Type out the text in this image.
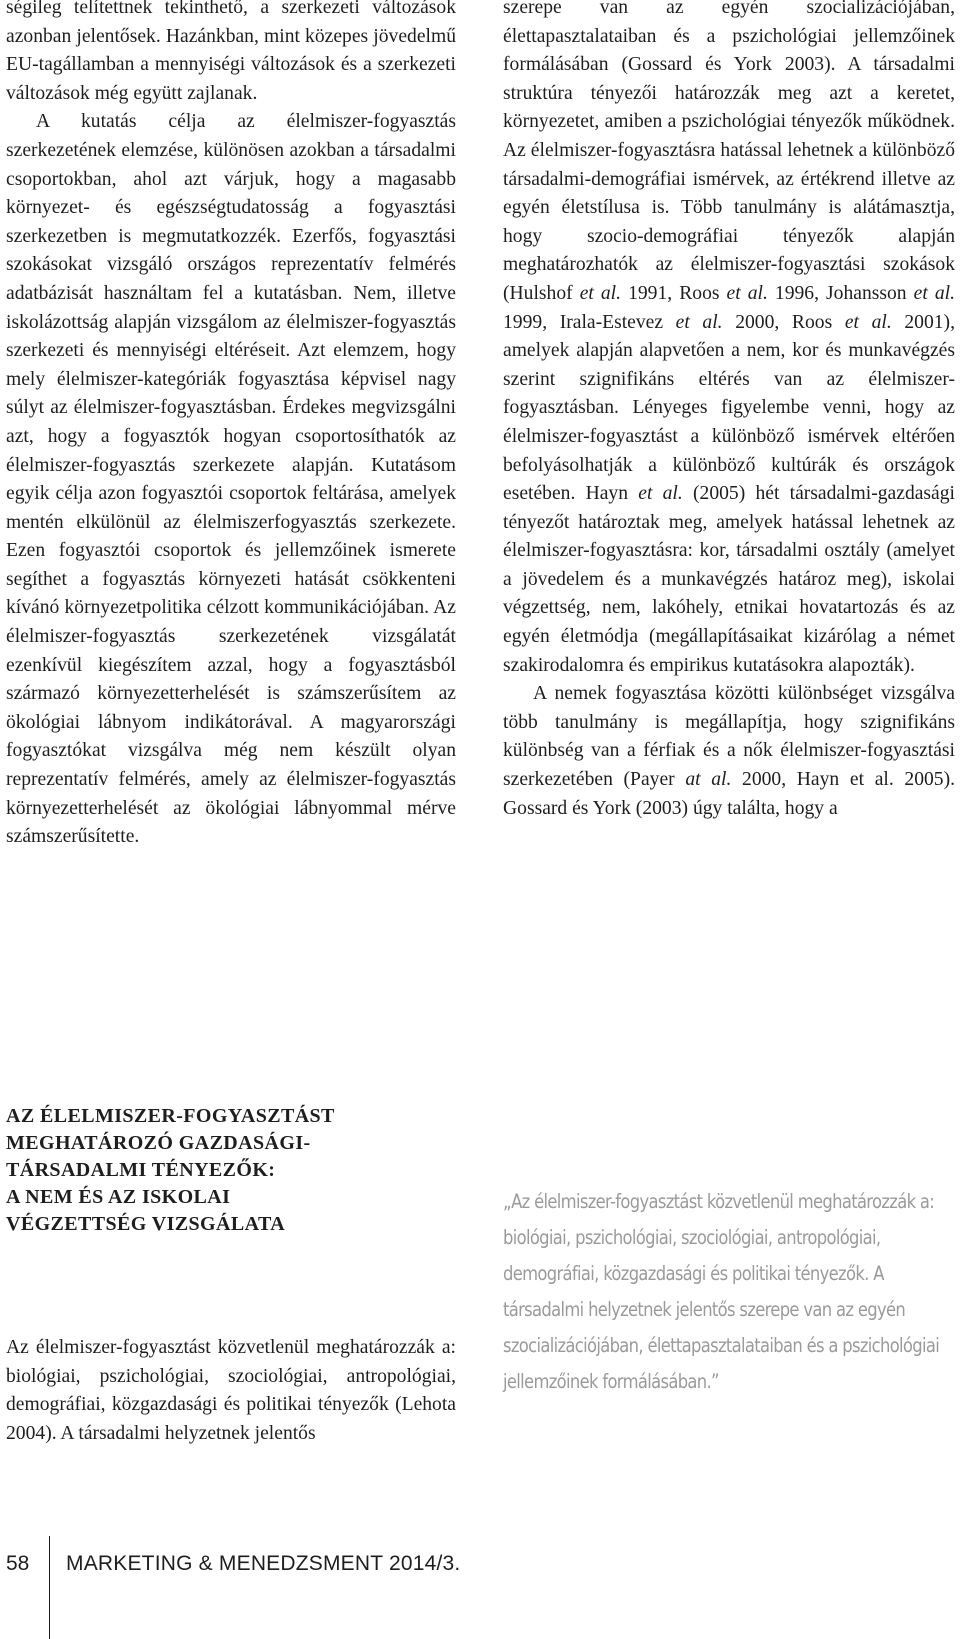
ségileg telítettnek tekinthető, a szerkezeti változások azonban jelentősek. Hazánkban, mint közepes jövedelmű EU-tagállamban a mennyiségi változások és a szerkezeti változások még együtt zajlanak.

A kutatás célja az élelmiszer-fogyasztás szerkezetének elemzése, különösen azokban a társadalmi csoportokban, ahol azt várjuk, hogy a magasabb környezet- és egészségtudatosság a fogyasztási szerkezetben is megmutatkozzék. Ezerfős, fogyasztási szokásokat vizsgáló országos reprezentatív felmérés adatbázisát használtam fel a kutatásban. Nem, illetve iskolázottság alapján vizsgálom az élelmiszer-fogyasztás szerkezeti és mennyiségi eltéréseit. Azt elemzem, hogy mely élelmiszer-kategóriák fogyasztása képvisel nagy súlyt az élelmiszer-fogyasztásban. Érdekes megvizsgálni azt, hogy a fogyasztók hogyan csoportosíthatók az élelmiszer-fogyasztás szerkezete alapján. Kutatásom egyik célja azon fogyasztói csoportok feltárása, amelyek mentén elkülönül az élelmiszerfogyasztás szerkezete. Ezen fogyasztói csoportok és jellemzőinek ismerete segíthet a fogyasztás környezeti hatását csökkenteni kívánó környezetpolitika célzott kommunikációjában. Az élelmiszer-fogyasztás szerkezetének vizsgálatát ezenkívül kiegészítem azzal, hogy a fogyasztásból származó környezetterhelését is számszerűsítem az ökológiai lábnyom indikátorával. A magyarországi fogyasztókat vizsgálva még nem készült olyan reprezentatív felmérés, amely az élelmiszer-fogyasztás környezetterhelését az ökológiai lábnyommal mérve számszerűsítette.

AZ ÉLELMISZER-FOGYASZTÁST
MEGHATÁROZÓ GAZDASÁGI-
TÁRSADALMI TÉNYEZŐK:
A NEM ÉS AZ ISKOLAI
VÉGZETTSÉG VIZSGÁLATA

Az élelmiszer-fogyasztást közvetlenül meghatározzák a: biológiai, pszichológiai, szociológiai, antropológiai, demográfiai, közgazdasági és politikai tényezők (Lehota 2004). A társadalmi helyzetnek jelentős

szerepe van az egyén szocializációjában, élettapasztalataiban és a pszichológiai jellemzőinek formálásában (Gossard és York 2003). A társadalmi struktúra tényezői határozzák meg azt a keretet, környezetet, amiben a pszichológiai tényezők működnek. Az élelmiszer-fogyasztásra hatással lehetnek a különböző társadalmi-demográfiai ismérvek, az értékrend illetve az egyén életstílusa is. Több tanulmány is alátámasztja, hogy szocio-demográfiai tényezők alapján meghatározhatók az élelmiszer-fogyasztási szokások (Hulshof et al. 1991, Roos et al. 1996, Johansson et al. 1999, Irala-Estevez et al. 2000, Roos et al. 2001), amelyek alapján alapvetően a nem, kor és munkavégzés szerint szignifikáns eltérés van az élelmiszer-fogyasztásban. Lényeges figyelembe venni, hogy az élelmiszer-fogyasztást a különböző ismérvek eltérően befolyásolhatják a különböző kultúrák és országok esetében. Hayn et al. (2005) hét társadalmi-gazdasági tényezőt határoztak meg, amelyek hatással lehetnek az élelmiszer-fogyasztásra: kor, társadalmi osztály (amelyet a jövedelem és a munkavégzés határoz meg), iskolai végzettség, nem, lakóhely, etnikai hovatartozás és az egyén életmódja (megállapításaikat kizárólag a német szakirodalomra és empirikus kutatásokra alapozták).

A nemek fogyasztása közötti különbséget vizsgálva több tanulmány is megállapítja, hogy szignifikáns különbség van a férfiak és a nők élelmiszer-fogyasztási szerkezetében (Payer at al. 2000, Hayn et al. 2005). Gossard és York (2003) úgy találta, hogy a

„Az élelmiszer-fogyasztást közvetlenül meghatározzák a: biológiai, pszichológiai, szociológiai, antropológiai, demográfiai, közgazdasági és politikai tényezők. A társadalmi helyzetnek jelentős szerepe van az egyén szocializációjában, élettapasztalataiban és a pszichológiai jellemzőinek formálásában.”

58 MARKETING & MENEDZSMENT 2014/3.
